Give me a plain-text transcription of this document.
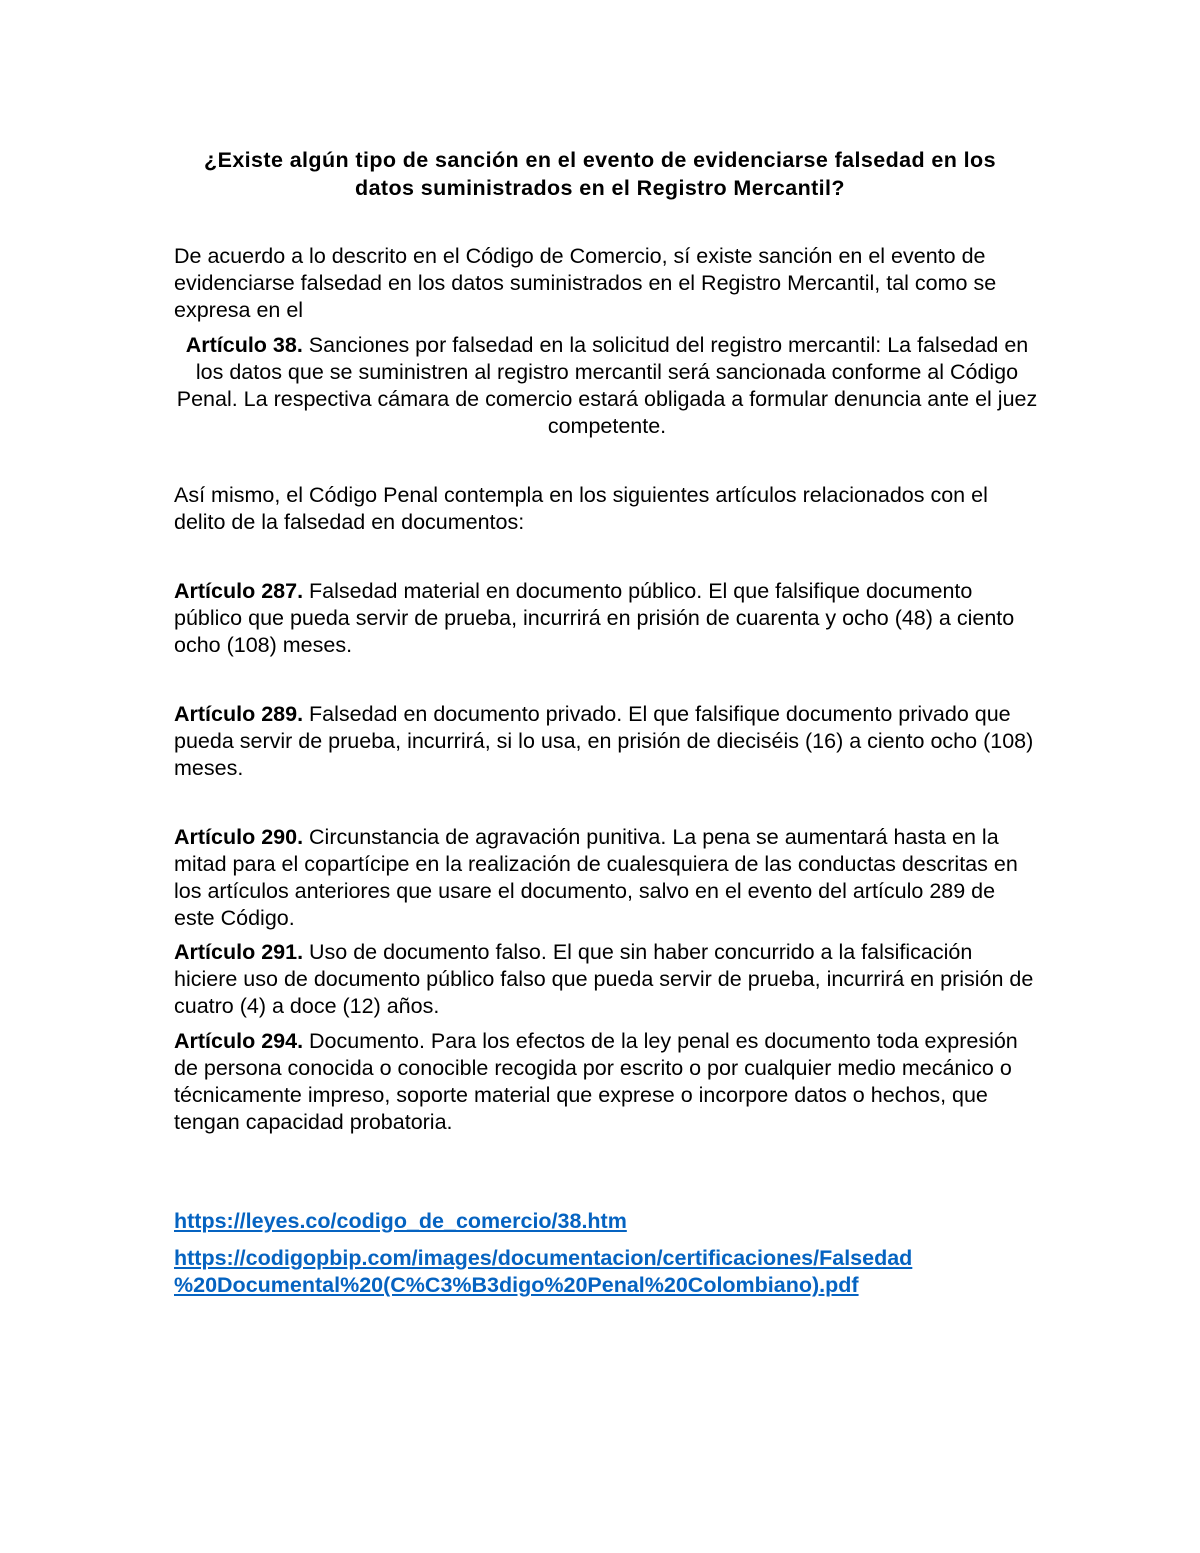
¿Existe algún tipo de sanción en el evento de evidenciarse falsedad en los
datos suministrados en el Registro Mercantil?
De acuerdo a lo descrito en el Código de Comercio, sí existe sanción en el evento de evidenciarse falsedad en los datos suministrados en el Registro Mercantil, tal como se expresa en el
Artículo 38. Sanciones por falsedad en la solicitud del registro mercantil: La falsedad en los datos que se suministren al registro mercantil será sancionada conforme al Código Penal. La respectiva cámara de comercio estará obligada a formular denuncia ante el juez competente.
Así mismo, el Código Penal contempla en los siguientes artículos relacionados con el delito de la falsedad en documentos:
Artículo 287. Falsedad material en documento público. El que falsifique documento público que pueda servir de prueba, incurrirá en prisión de cuarenta y ocho (48) a ciento ocho (108) meses.
Artículo 289. Falsedad en documento privado. El que falsifique documento privado que pueda servir de prueba, incurrirá, si lo usa, en prisión de dieciséis (16) a ciento ocho (108) meses.
Artículo 290. Circunstancia de agravación punitiva. La pena se aumentará hasta en la mitad para el copartícipe en la realización de cualesquiera de las conductas descritas en los artículos anteriores que usare el documento, salvo en el evento del artículo 289 de este Código.
Artículo 291. Uso de documento falso. El que sin haber concurrido a la falsificación hiciere uso de documento público falso que pueda servir de prueba, incurrirá en prisión de cuatro (4) a doce (12) años.
Artículo 294. Documento. Para los efectos de la ley penal es documento toda expresión de persona conocida o conocible recogida por escrito o por cualquier medio mecánico o técnicamente impreso, soporte material que exprese o incorpore datos o hechos, que tengan capacidad probatoria.
https://leyes.co/codigo_de_comercio/38.htm
https://codigopbip.com/images/documentacion/certificaciones/Falsedad
%20Documental%20(C%C3%B3digo%20Penal%20Colombiano).pdf
